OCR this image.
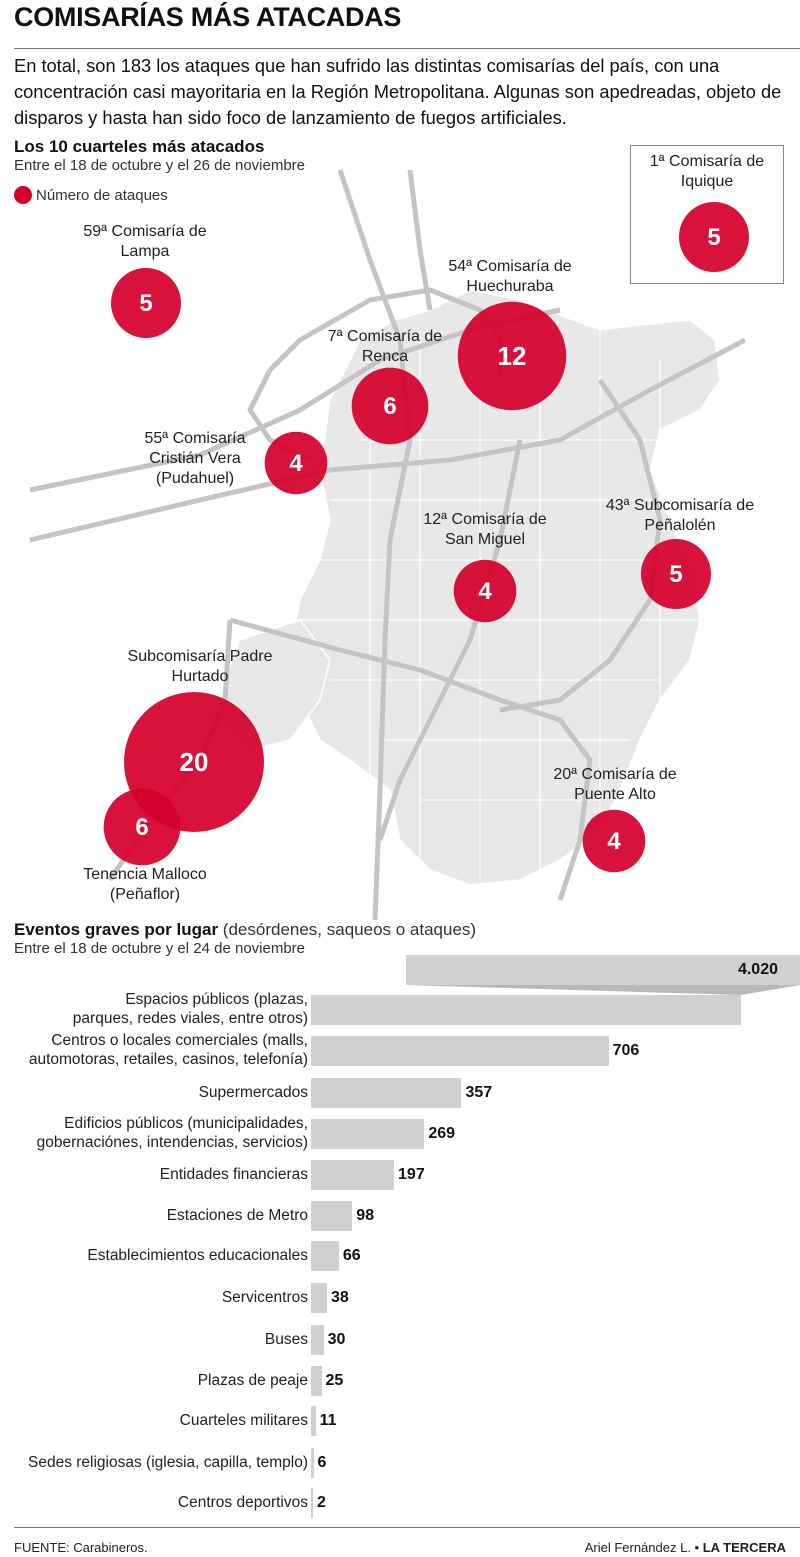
COMISARÍAS MÁS ATACADAS
En total, son 183 los ataques que han sufrido las distintas comisarías del país, con una concentración casi mayoritaria en la Región Metropolitana. Algunas son apedreadas, objeto de disparos y hasta han sido foco de lanzamiento de fuegos artificiales.
Los 10 cuarteles más atacados
Entre el 18 de octubre y el 26 de noviembre
Número de ataques
59ª Comisaría de Lampa
54ª Comisaría de Huechuraba
7ª Comisaría de Renca
55ª Comisaría Cristián Vera (Pudahuel)
12ª Comisaría de San Miguel
43ª Subcomisaría de Peñalolén
Subcomisaría Padre Hurtado
Tenencia Malloco (Peñaflor)
20ª Comisaría de Puente Alto
1ª Comisaría de Iquique
5
12
6
4
4
5
20
6
4
5
Eventos graves por lugar (desórdenes, saqueos o ataques)
Entre el 18 de octubre y el 24 de noviembre
Espacios públicos (plazas,
parques, redes viales, entre otros)
4.020
Centros o locales comerciales (malls,
automotoras, retailes, casinos, telefonía)
706
Supermercados	357
Edificios públicos (municipalidades,
gobernaciónes, intendencias, servicios)
269
Entidades financieras	197
Estaciones de Metro	98
Establecimientos educacionales 66
Servicentros 38
Buses 30
Plazas de peaje 25
Cuarteles militares 11
Sedes religiosas (iglesia, capilla, templo) 6
Centros deportivos 2
FUENTE: Carabineros.	Ariel Fernández L. • LA TERCERA
